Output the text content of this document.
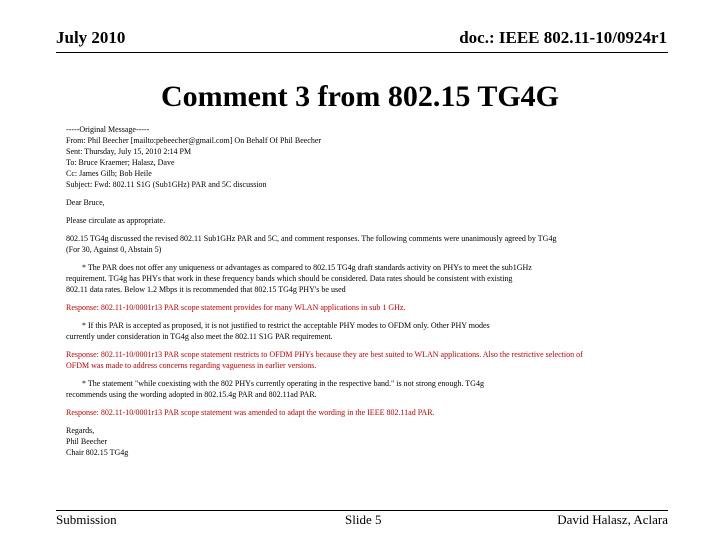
July 2010	doc.: IEEE 802.11-10/0924r1
Comment 3 from 802.15 TG4G

-----Original Message-----
From: Phil Beecher [mailto:pebeecher@gmail.com] On Behalf Of Phil Beecher
Sent: Thursday, July 15, 2010 2:14 PM
To: Bruce Kraemer; Halasz, Dave
Cc: James Gilb; Bob Heile
Subject: Fwd: 802.11 S1G (Sub1GHz) PAR and 5C discussion

Dear Bruce,

Please circulate as appropriate.

802.15 TG4g discussed the revised 802.11 Sub1GHz PAR and 5C, and comment responses. The following comments were unanimously agreed by TG4g
(For 30, Against 0, Abstain 5)

* The PAR does not offer any uniqueness or advantages as compared to 802.15 TG4g draft standards activity on PHYs to meet the sub1GHz
requirement. TG4g has PHYs that work in these frequency bands which should be considered. Data rates should be consistent with existing
802.11 data rates. Below 1.2 Mbps it is recommended that 802.15 TG4g PHY's be used

Response: 802.11-10/0001r13 PAR scope statement provides for many WLAN applications in sub 1 GHz.

* If this PAR is accepted as proposed, it is not justified to restrict the acceptable PHY modes to OFDM only. Other PHY modes
currently under consideration in TG4g also meet the 802.11 S1G PAR requirement.

Response: 802.11-10/0001r13 PAR scope statement restricts to OFDM PHYs because they are best suited to WLAN applications. Also the restrictive selection of
OFDM was made to address concerns regarding vagueness in earlier versions.

* The statement "while coexisting with the 802 PHYs currently operating in the respective band." is not strong enough. TG4g
recommends using the wording adopted in 802.15.4g PAR and 802.11ad PAR.

Response: 802.11-10/0001r13 PAR scope statement was amended to adapt the wording in the IEEE 802.11ad PAR.

Regards,
Phil Beecher
Chair 802.15 TG4g

Submission	Slide 5	David Halasz, Aclara
